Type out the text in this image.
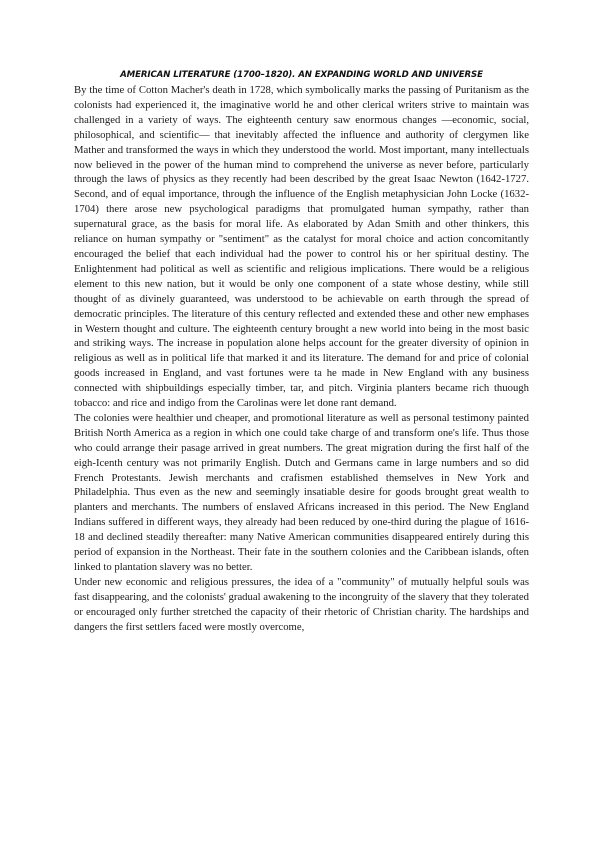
AMERICAN LITERATURE (1700–1820). AN EXPANDING WORLD AND UNIVERSE

By the time of Cotton Macher's death in 1728, which symbolically marks the passing of Puritanism as the colonists had experienced it, the imaginative world he and other clerical writers strive to maintain was challenged in a variety of ways. The eighteenth century saw enormous changes —economic, social, philosophical, and scientific— that inevitably affected the influence and authority of clergymen like Mather and transformed the ways in which they understood the world. Most important, many intellectuals now believed in the power of the human mind to comprehend the universe as never before, particularly through the laws of physics as they recently had been described by the great Isaac Newton (1642-1727. Second, and of equal importance, through the influence of the English metaphysician John Locke (1632-1704) there arose new psychological paradigms that promulgated human sympathy, rather than supernatural grace, as the basis for moral life. As elaborated by Adan Smith and other thinkers, this reliance on human sympathy or "sentiment" as the catalyst for moral choice and action concomitantly encouraged the belief that each individual had the power to control his or her spiritual destiny. The Enlightenment had political as well as scientific and religious implications. There would be a religious element to this new nation, but it would be only one component of a state whose destiny, while still thought of as divinely guaranteed, was understood to be achievable on earth through the spread of democratic principles. The literature of this century reflected and extended these and other new emphases in Western thought and culture. The eighteenth century brought a new world into being in the most basic and striking ways. The increase in population alone helps account for the greater diversity of opinion in religious as well as in political life that marked it and its literature. The demand for and price of colonial goods increased in England, and vast fortunes were ta he made in New England with any business connected with shipbuildings especially timber, tar, and pitch. Virginia planters became rich thuough tobacco: and rice and indigo from the Carolinas were let done rant demand.

The colonies were healthier und cheaper, and promotional literature as well as personal testimony painted British North America as a region in which one could take charge of and transform one's life. Thus those who could arrange their pasage arrived in great numbers. The great migration during the first half of the eigh-Icenth century was not primarily English. Dutch and Germans came in large numbers and so did French Protestants. Jewish merchants and crafismen established themselves in New York and Philadelphia. Thus even as the new and seemingly insatiable desire for goods brought great wealth to planters and merchants. The numbers of enslaved Africans increased in this period. The New England Indians suffered in different ways, they already had been reduced by one-third during the plague of 1616-18 and declined steadily thereafter: many Native American communities disappeared entirely during this period of expansion in the Northeast. Their fate in the southern colonies and the Caribbean islands, often linked to plantation slavery was no better.

Under new economic and religious pressures, the idea of a "community" of mutually helpful souls was fast disappearing, and the colonists' gradual awakening to the incongruity of the slavery that they tolerated or encouraged only further stretched the capacity of their rhetoric of Christian charity. The hardships and dangers the first settlers faced were mostly overcome,
